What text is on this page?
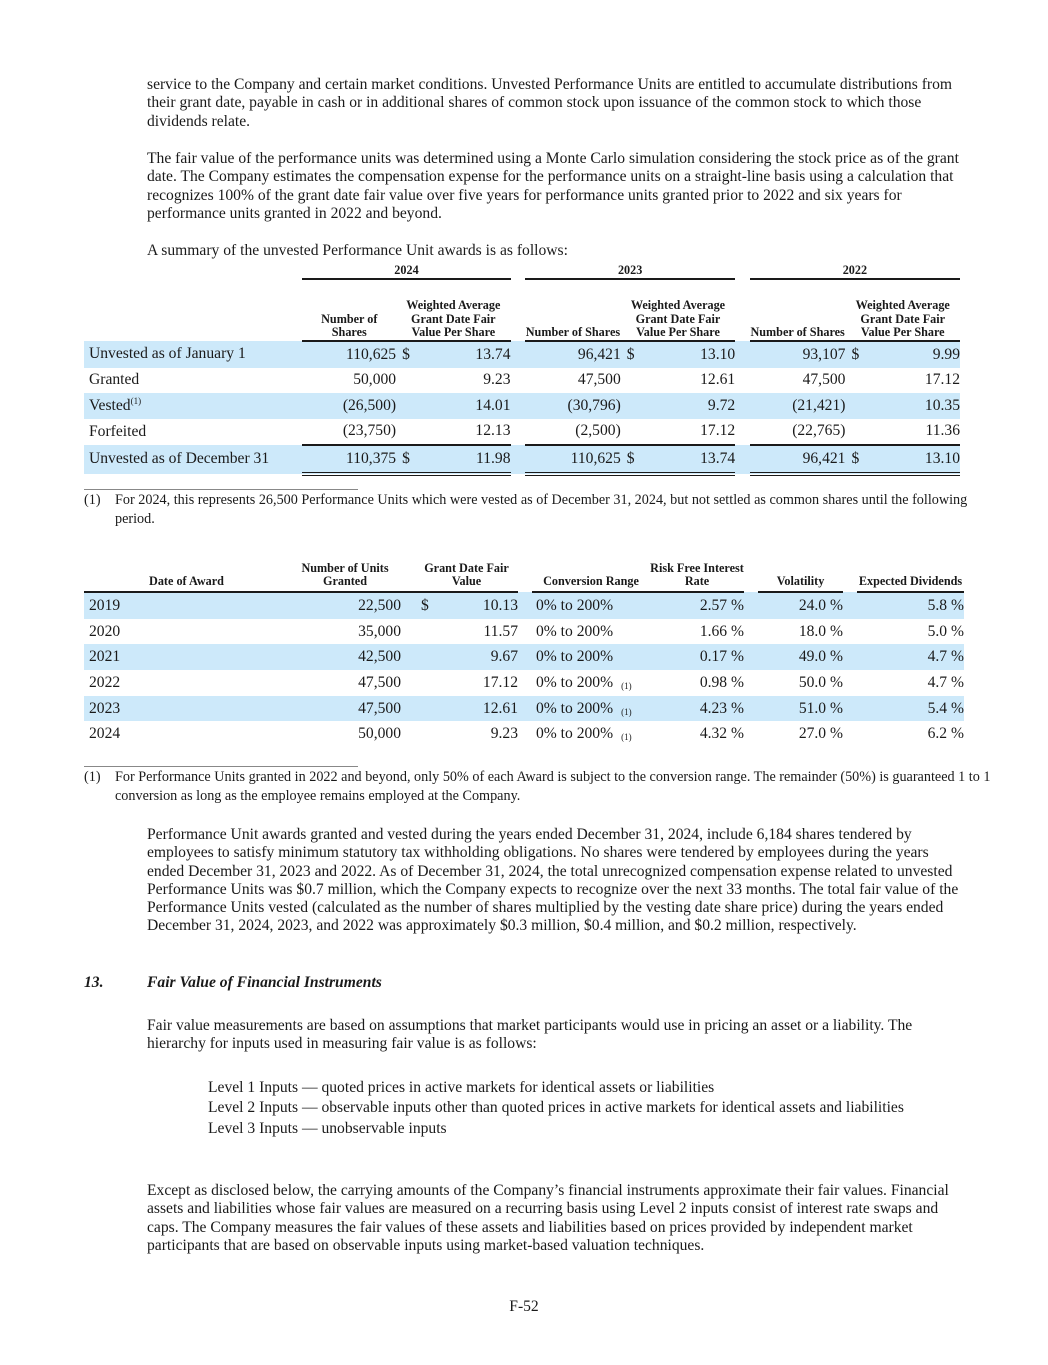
service to the Company and certain market conditions. Unvested Performance Units are entitled to accumulate distributions from their grant date, payable in cash or in additional shares of common stock upon issuance of the common stock to which those dividends relate.

The fair value of the performance units was determined using a Monte Carlo simulation considering the stock price as of the grant date. The Company estimates the compensation expense for the performance units on a straight-line basis using a calculation that recognizes 100% of the grant date fair value over five years for performance units granted prior to 2022 and six years for performance units granted in 2022 and beyond.

A summary of the unvested Performance Unit awards is as follows:

	2024				2023				2022		
	Number of Shares	Weighted Average Grant Date Fair Value Per Share			Number of Shares	Weighted Average Grant Date Fair Value Per Share			Number of Shares	Weighted Average Grant Date Fair Value Per Share	
Unvested as of January 1	110,625	$	13.74		96,421	$	13.10		93,107	$	9.99
Granted	50,000		9.23		47,500		12.61		47,500		17.12
Vested$^{(1)}$	(26,500)		14.01		(30,796)		9.72		(21,421)		10.35
Forfeited	(23,750)		12.13		(2,500)		17.12		(22,765)		11.36
Unvested as of December 31	110,375	$	11.98		110,625	$	13.74		96,421	$	13.10

(1) For 2024, this represents 26,500 Performance Units which were vested as of December 31, 2024, but not settled as common shares until the following period.

Date of Award	Number of Units Granted		Grant Date Fair Value			Conversion Range	Risk Free Interest Rate		Volatility		Expected Dividends
2019	22,500		$	10.13		0% to 200%	2.57 %		24.0 %		5.8 %
2020	35,000			11.57		0% to 200%	1.66 %		18.0 %		5.0 %
2021	42,500			9.67		0% to 200%	0.17 %		49.0 %		4.7 %
2022	47,500			17.12		0% to 200% (1)	0.98 %		50.0 %		4.7 %
2023	47,500			12.61		0% to 200% (1)	4.23 %		51.0 %		5.4 %
2024	50,000			9.23		0% to 200% (1)	4.32 %		27.0 %		6.2 %

(1) For Performance Units granted in 2022 and beyond, only 50% of each Award is subject to the conversion range. The remainder (50%) is guaranteed 1 to 1 conversion as long as the employee remains employed at the Company.

Performance Unit awards granted and vested during the years ended December 31, 2024, include 6,184 shares tendered by employees to satisfy minimum statutory tax withholding obligations. No shares were tendered by employees during the years ended December 31, 2023 and 2022. As of December 31, 2024, the total unrecognized compensation expense related to unvested Performance Units was $0.7 million, which the Company expects to recognize over the next 33 months. The total fair value of the Performance Units vested (calculated as the number of shares multiplied by the vesting date share price) during the years ended December 31, 2024, 2023, and 2022 was approximately $0.3 million, $0.4 million, and $0.2 million, respectively.

13.	Fair Value of Financial Instruments

Fair value measurements are based on assumptions that market participants would use in pricing an asset or a liability. The hierarchy for inputs used in measuring fair value is as follows:

Level 1 Inputs — quoted prices in active markets for identical assets or liabilities
Level 2 Inputs — observable inputs other than quoted prices in active markets for identical assets and liabilities
Level 3 Inputs — unobservable inputs

Except as disclosed below, the carrying amounts of the Company’s financial instruments approximate their fair values. Financial assets and liabilities whose fair values are measured on a recurring basis using Level 2 inputs consist of interest rate swaps and caps. The Company measures the fair values of these assets and liabilities based on prices provided by independent market participants that are based on observable inputs using market-based valuation techniques.

F-52
